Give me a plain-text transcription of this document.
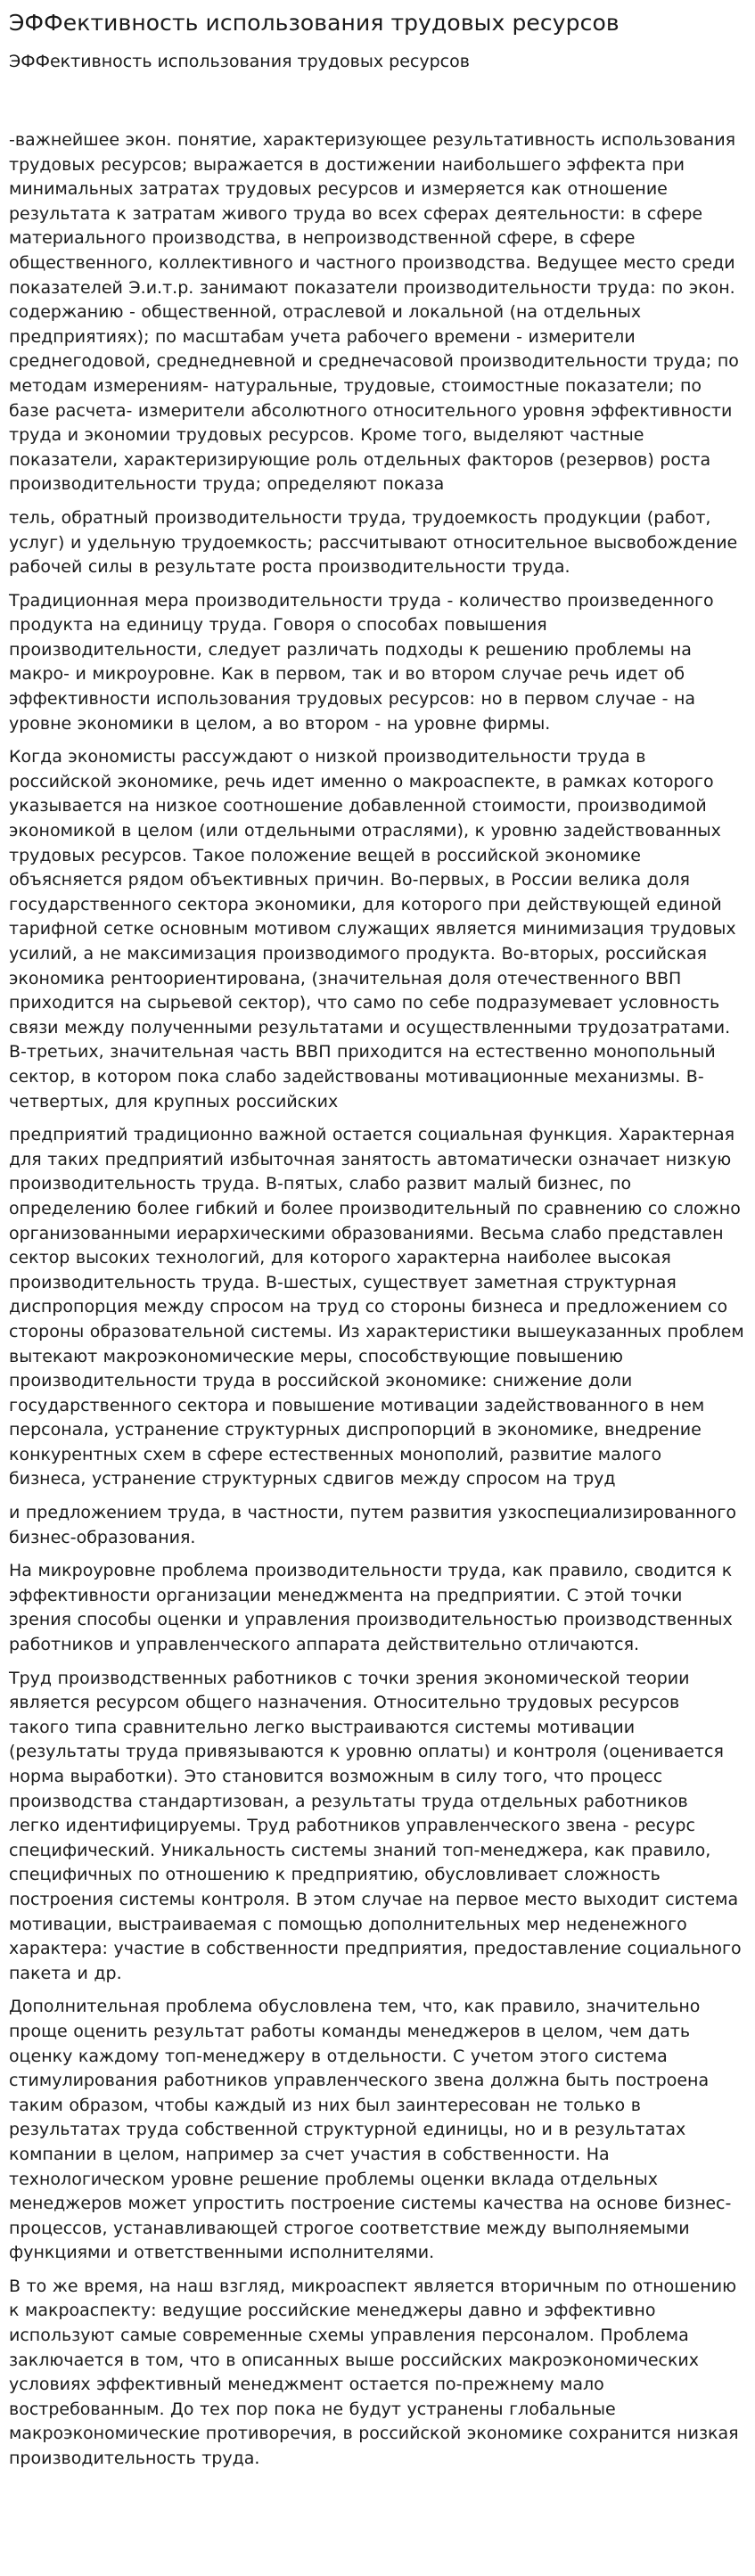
ЭФФективность использования трудовых ресурсов
ЭФФективность использования трудовых ресурсов

-важнейшее экон. понятие, характеризующее результативность использования трудовых ресурсов; выражается в достижении наибольшего эффекта при минимальных затратах трудовых ресурсов и измеряется как отношение результата к затратам живого труда во всех сферах деятельности: в сфере материального производства, в непроизводственной сфере, в сфере общественного, коллективного и частного производства. Ведущее место среди показателей Э.и.т.р. занимают показатели производительности труда: по экон. содержанию - общественной, отраслевой и локальной (на отдельных предприятиях); по масштабам учета рабочего времени - измерители среднегодовой, среднедневной и среднечасовой производительности труда; по методам измерениям- натуральные, трудовые, стоимостные показатели; по базе расчета- измерители абсолютного относительного уровня эффективности труда и экономии трудовых ресурсов. Кроме того, выделяют частные показатели, характеризирующие роль отдельных факторов (резервов) роста производительности труда; определяют показа

тель, обратный производительности труда, трудоемкость продукции (работ, услуг) и удельную трудоемкость; рассчитывают относительное высвобождение рабочей силы в результате роста производительности труда.

Традиционная мера производительности труда - количество произведенного продукта на единицу труда. Говоря о способах повышения производительности, следует различать подходы к решению проблемы на макро- и микроуровне. Как в первом, так и во втором случае речь идет об эффективности использования трудовых ресурсов: но в первом случае - на уровне экономики в целом, а во втором - на уровне фирмы.

Когда экономисты рассуждают о низкой производительности труда в российской экономике, речь идет именно о макроаспекте, в рамках которого указывается на низкое соотношение добавленной стоимости, производимой экономикой в целом (или отдельными отраслями), к уровню задействованных трудовых ресурсов. Такое положение вещей в российской экономике объясняется рядом объективных причин. Во-первых, в России велика доля государственного сектора экономики, для которого при действующей единой тарифной сетке основным мотивом служащих является минимизация трудовых усилий, а не максимизация производимого продукта. Во-вторых, российская экономика рентоориентирована, (значительная доля отечественного ВВП приходится на сырьевой сектор), что само по себе подразумевает условность связи между полученными результатами и осуществленными трудозатратами. В-третьих, значительная часть ВВП приходится на естественно монопольный сектор, в котором пока слабо задействованы мотивационные механизмы. В-четвертых, для крупных российских

предприятий традиционно важной остается социальная функция. Характерная для таких предприятий избыточная занятость автоматически означает низкую производительность труда. В-пятых, слабо развит малый бизнес, по определению более гибкий и более производительный по сравнению со сложно организованными иерархическими образованиями. Весьма слабо представлен сектор высоких технологий, для которого характерна наиболее высокая производительность труда. В-шестых, существует заметная структурная диспропорция между спросом на труд со стороны бизнеса и предложением со стороны образовательной системы. Из характеристики вышеуказанных проблем вытекают макроэкономические меры, способствующие повышению производительности труда в российской экономике: снижение доли государственного сектора и повышение мотивации задействованного в нем персонала, устранение структурных диспропорций в экономике, внедрение конкурентных схем в сфере естественных монополий, развитие малого бизнеса, устранение структурных сдвигов между спросом на труд

и предложением труда, в частности, путем развития узкоспециализированного бизнес-образования.

На микроуровне проблема производительности труда, как правило, сводится к эффективности организации менеджмента на предприятии. С этой точки зрения способы оценки и управления производительностью производственных работников и управленческого аппарата действительно отличаются.

Труд производственных работников с точки зрения экономической теории является ресурсом общего назначения. Относительно трудовых ресурсов такого типа сравнительно легко выстраиваются системы мотивации (результаты труда привязываются к уровню оплаты) и контроля (оценивается норма выработки). Это становится возможным в силу того, что процесс производства стандартизован, а результаты труда отдельных работников легко идентифицируемы. Труд работников управленческого звена - ресурс специфический. Уникальность системы знаний топ-менеджера, как правило, специфичных по отношению к предприятию, обусловливает сложность построения системы контроля. В этом случае на первое место выходит система мотивации, выстраиваемая с помощью дополнительных мер неденежного характера: участие в собственности предприятия, предоставление социального пакета и др.

Дополнительная проблема обусловлена тем, что, как правило, значительно проще оценить результат работы команды менеджеров в целом, чем дать оценку каждому топ-менеджеру в отдельности. С учетом этого система стимулирования работников управленческого звена должна быть построена таким образом, чтобы каждый из них был заинтересован не только в результатах труда собственной структурной единицы, но и в результатах компании в целом, например за счет участия в собственности. На технологическом уровне решение проблемы оценки вклада отдельных менеджеров может упростить построение системы качества на основе бизнес-процессов, устанавливающей строгое соответствие между выполняемыми функциями и ответственными исполнителями.

В то же время, на наш взгляд, микроаспект является вторичным по отношению к макроаспекту: ведущие российские менеджеры давно и эффективно используют самые современные схемы управления персоналом. Проблема заключается в том, что в описанных выше российских макроэкономических условиях эффективный менеджмент остается по-прежнему мало востребованным. До тех пор пока не будут устранены глобальные макроэкономические противоречия, в российской экономике сохранится низкая производительность труда.
